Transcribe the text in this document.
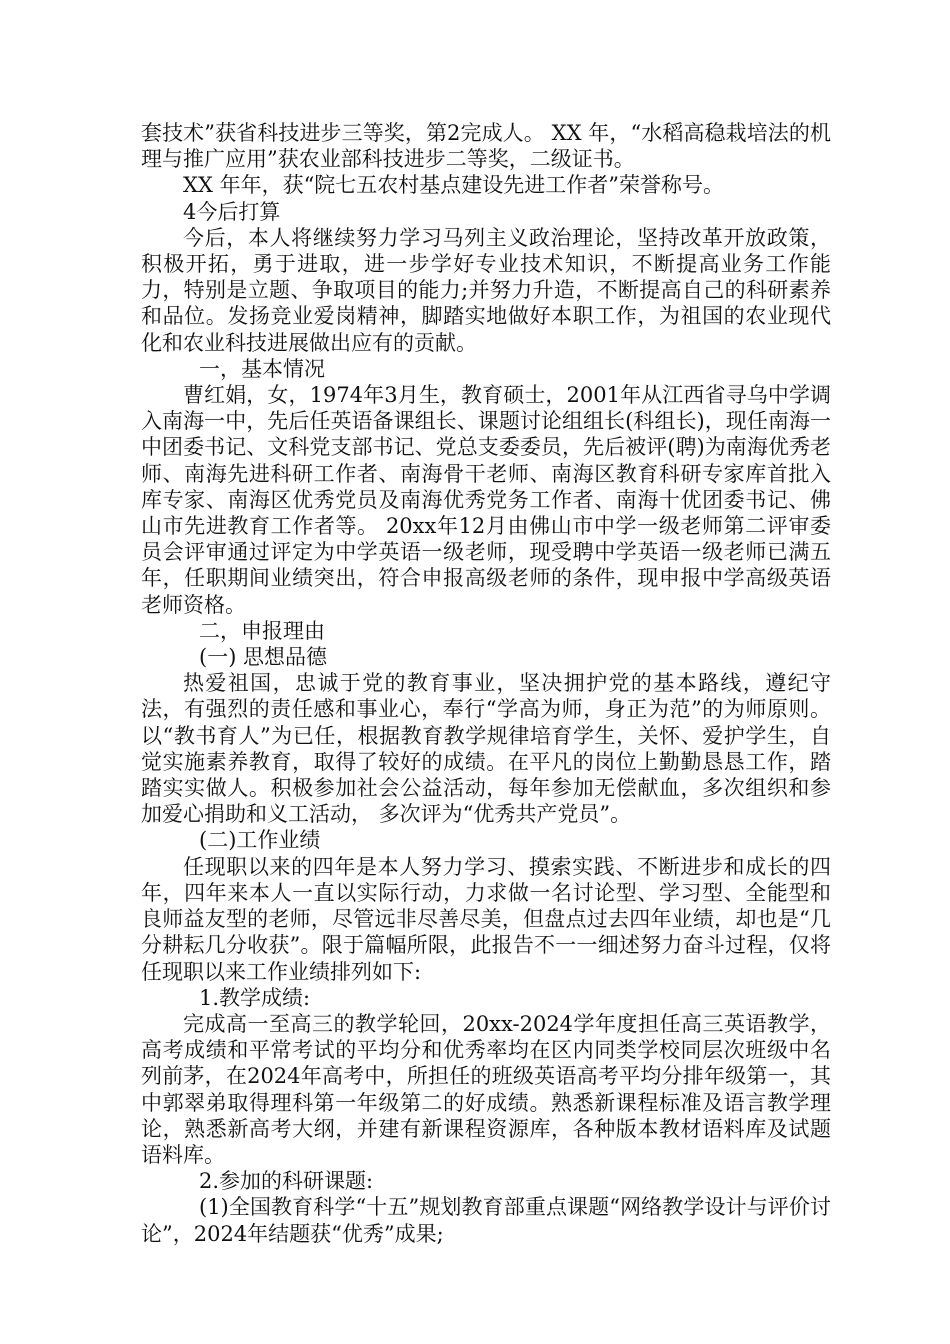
套技术”获省科技进步三等奖，第2完成人。 XX 年，“水稻高稳栽培法的机理与推广应用”获农业部科技进步二等奖，二级证书。

XX 年年，获“院七五农村基点建设先进工作者”荣誉称号。

4今后打算

今后，本人将继续努力学习马列主义政治理论，坚持改革开放政策，积极开拓，勇于进取，进一步学好专业技术知识，不断提高业务工作能力，特别是立题、争取项目的能力;并努力升造，不断提高自己的科研素养和品位。发扬竞业爱岗精神，脚踏实地做好本职工作，为祖国的农业现代化和农业科技进展做出应有的贡献。

一，基本情况

曹红娟，女，1974年3月生，教育硕士，2001年从江西省寻乌中学调入南海一中，先后任英语备课组长、课题讨论组组长(科组长)，现任南海一中团委书记、文科党支部书记、党总支委委员，先后被评(聘)为南海优秀老师、南海先进科研工作者、南海骨干老师、南海区教育科研专家库首批入库专家、南海区优秀党员及南海优秀党务工作者、南海十优团委书记、佛山市先进教育工作者等。 20xx年12月由佛山市中学一级老师第二评审委员会评审通过评定为中学英语一级老师，现受聘中学英语一级老师已满五年，任职期间业绩突出，符合申报高级老师的条件，现申报中学高级英语老师资格。

二，申报理由

(一) 思想品德

热爱祖国，忠诚于党的教育事业，坚决拥护党的基本路线，遵纪守法，有强烈的责任感和事业心，奉行“学高为师，身正为范”的为师原则。以“教书育人”为已任，根据教育教学规律培育学生，关怀、爱护学生，自觉实施素养教育，取得了较好的成绩。在平凡的岗位上勤勤恳恳工作，踏踏实实做人。积极参加社会公益活动，每年参加无偿献血，多次组织和参加爱心捐助和义工活动， 多次评为“优秀共产党员”。

(二)工作业绩

任现职以来的四年是本人努力学习、摸索实践、不断进步和成长的四年，四年来本人一直以实际行动，力求做一名讨论型、学习型、全能型和良师益友型的老师，尽管远非尽善尽美，但盘点过去四年业绩，却也是“几分耕耘几分收获”。限于篇幅所限，此报告不一一细述努力奋斗过程，仅将任现职以来工作业绩排列如下:

1.教学成绩:

完成高一至高三的教学轮回，20xx-2024学年度担任高三英语教学，高考成绩和平常考试的平均分和优秀率均在区内同类学校同层次班级中名列前茅，在2024年高考中，所担任的班级英语高考平均分排年级第一，其中郭翠弟取得理科第一年级第二的好成绩。熟悉新课程标准及语言教学理论，熟悉新高考大纲，并建有新课程资源库，各种版本教材语料库及试题语料库。

2.参加的科研课题:

(1)全国教育科学“十五”规划教育部重点课题“网络教学设计与评价讨论”，2024年结题获“优秀”成果;
